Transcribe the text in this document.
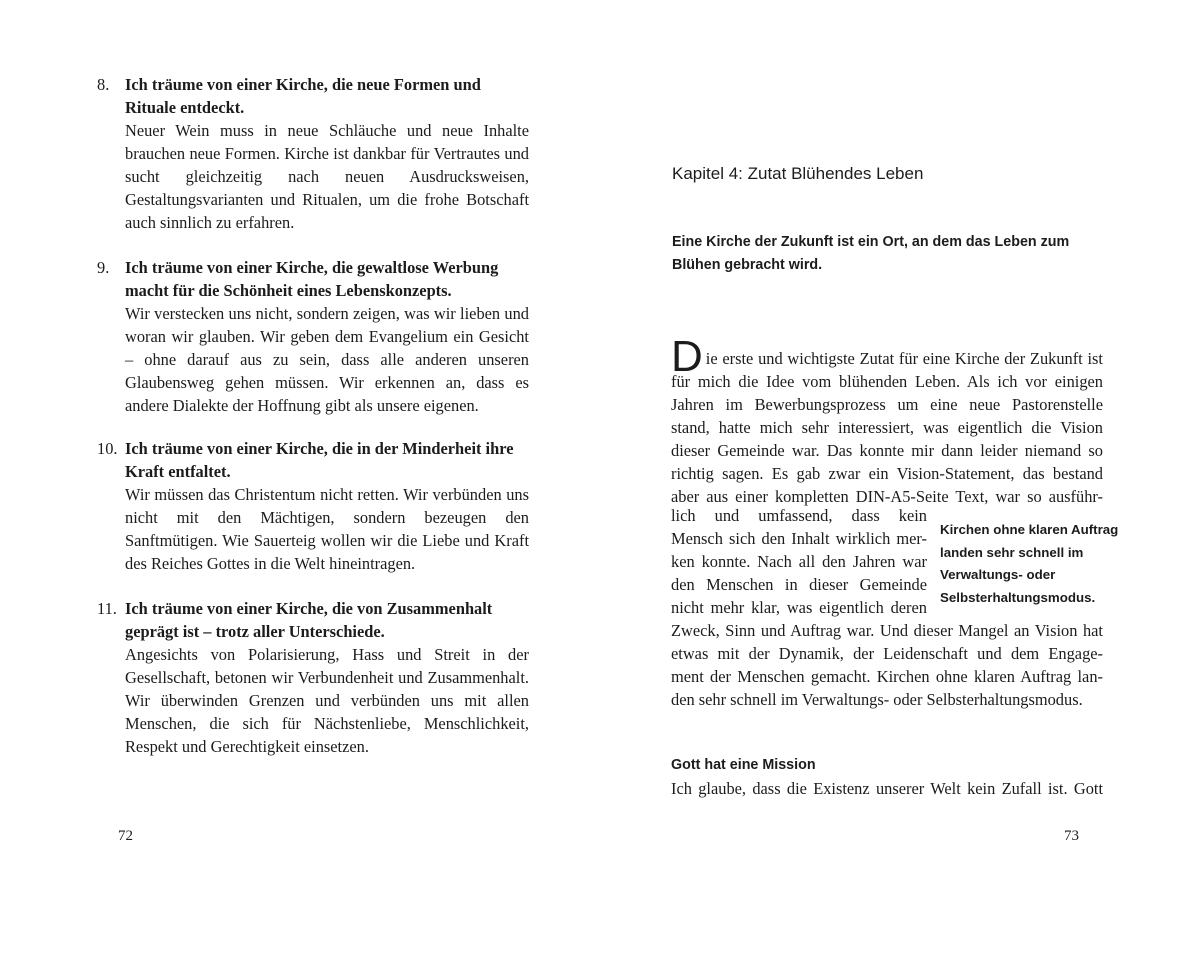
8. Ich träume von einer Kirche, die neue Formen und Rituale entdeckt.
Neuer Wein muss in neue Schläuche und neue Inhalte brauchen neue Formen. Kirche ist dankbar für Vertrautes und sucht gleichzeitig nach neuen Ausdrucksweisen, Gestaltungsvarianten und Ritualen, um die frohe Botschaft auch sinnlich zu erfahren.
9. Ich träume von einer Kirche, die gewaltlose Werbung macht für die Schönheit eines Lebenskonzepts.
Wir verstecken uns nicht, sondern zeigen, was wir lieben und woran wir glauben. Wir geben dem Evangelium ein Gesicht – ohne darauf aus zu sein, dass alle anderen unseren Glaubensweg gehen müssen. Wir erkennen an, dass es andere Dialekte der Hoffnung gibt als unsere eigenen.
10. Ich träume von einer Kirche, die in der Minderheit ihre Kraft entfaltet.
Wir müssen das Christentum nicht retten. Wir verbünden uns nicht mit den Mächtigen, sondern bezeugen den Sanftmütigen. Wie Sauerteig wollen wir die Liebe und Kraft des Reiches Gottes in die Welt hineintragen.
11. Ich träume von einer Kirche, die von Zusammenhalt geprägt ist – trotz aller Unterschiede.
Angesichts von Polarisierung, Hass und Streit in der Gesellschaft, betonen wir Verbundenheit und Zusammenhalt. Wir überwinden Grenzen und verbünden uns mit allen Menschen, die sich für Nächstenliebe, Menschlichkeit, Respekt und Gerechtigkeit einsetzen.
72
Kapitel 4: Zutat Blühendes Leben
Eine Kirche der Zukunft ist ein Ort, an dem das Leben zum Blühen gebracht wird.
D ie erste und wichtigste Zutat für eine Kirche der Zukunft ist
für mich die Idee vom blühenden Leben. Als ich vor einigen
Jahren im Bewerbungsprozess um eine neue Pastorenstelle
stand, hatte mich sehr interessiert, was eigentlich die Vision
dieser Gemeinde war. Das konnte mir dann leider niemand so
richtig sagen. Es gab zwar ein Vision-Statement, das bestand
aber aus einer kompletten DIN-A5-Seite Text, war so ausführ-
lich und umfassend, dass kein
Mensch sich den Inhalt wirklich mer-
ken konnte. Nach all den Jahren war
den Menschen in dieser Gemeinde
nicht mehr klar, was eigentlich deren
Kirchen ohne klaren Auftrag landen sehr schnell im Verwaltungs- oder Selbsterhaltungsmodus.
Zweck, Sinn und Auftrag war. Und dieser Mangel an Vision hat
etwas mit der Dynamik, der Leidenschaft und dem Engage-
ment der Menschen gemacht. Kirchen ohne klaren Auftrag lan-
den sehr schnell im Verwaltungs- oder Selbsterhaltungsmodus.
Gott hat eine Mission
Ich glaube, dass die Existenz unserer Welt kein Zufall ist. Gott
73
